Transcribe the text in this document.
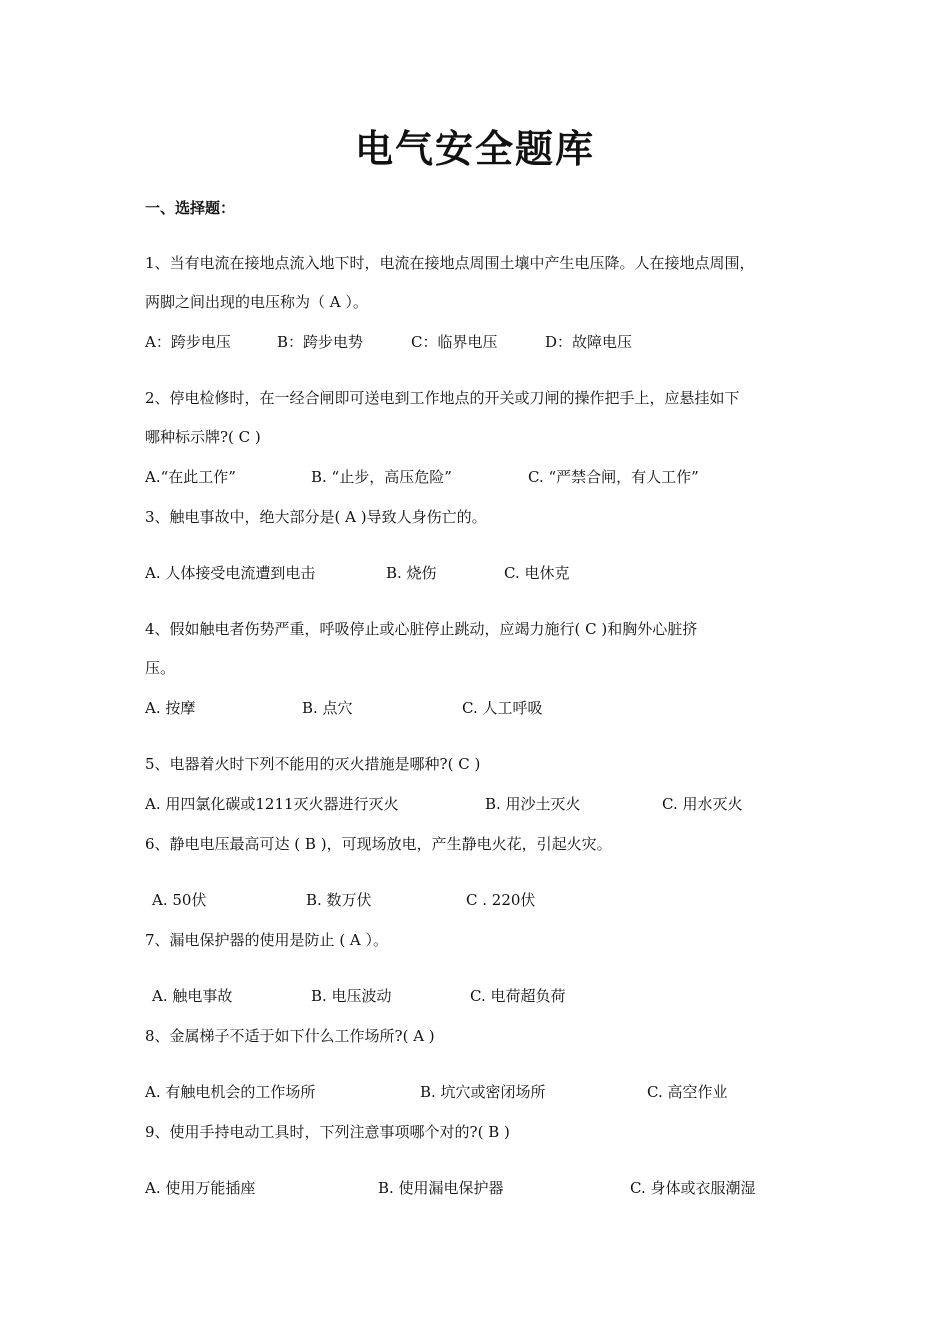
电气安全题库
一、选择题：
1、当有电流在接地点流入地下时，电流在接地点周围土壤中产生电压降。人在接地点周围，
两脚之间出现的电压称为（ A ）。
A：跨步电压	B：跨步电势	C：临界电压	D：故障电压
2、停电检修时，在一经合闸即可送电到工作地点的开关或刀闸的操作把手上，应悬挂如下
哪种标示牌?( C )
A.“在此工作”	B. “止步，高压危险”	C. “严禁合闸，有人工作”
3、触电事故中，绝大部分是( A )导致人身伤亡的。
A. 人体接受电流遭到电击	B. 烧伤	C. 电休克
4、假如触电者伤势严重，呼吸停止或心脏停止跳动，应竭力施行( C )和胸外心脏挤
压。
A. 按摩	B. 点穴	C. 人工呼吸
5、电器着火时下列不能用的灭火措施是哪种?( C )
A. 用四氯化碳或1211灭火器进行灭火	B. 用沙土灭火	C. 用水灭火
6、静电电压最高可达 ( B )，可现场放电，产生静电火花，引起火灾。
A. 50伏	B. 数万伏	C . 220伏
7、漏电保护器的使用是防止 ( A ）。
A. 触电事故	B. 电压波动	C. 电荷超负荷
8、金属梯子不适于如下什么工作场所?( A )
A. 有触电机会的工作场所	B. 坑穴或密闭场所	C. 高空作业
9、使用手持电动工具时，下列注意事项哪个对的?( B )
A. 使用万能插座	B. 使用漏电保护器	C. 身体或衣服潮湿
